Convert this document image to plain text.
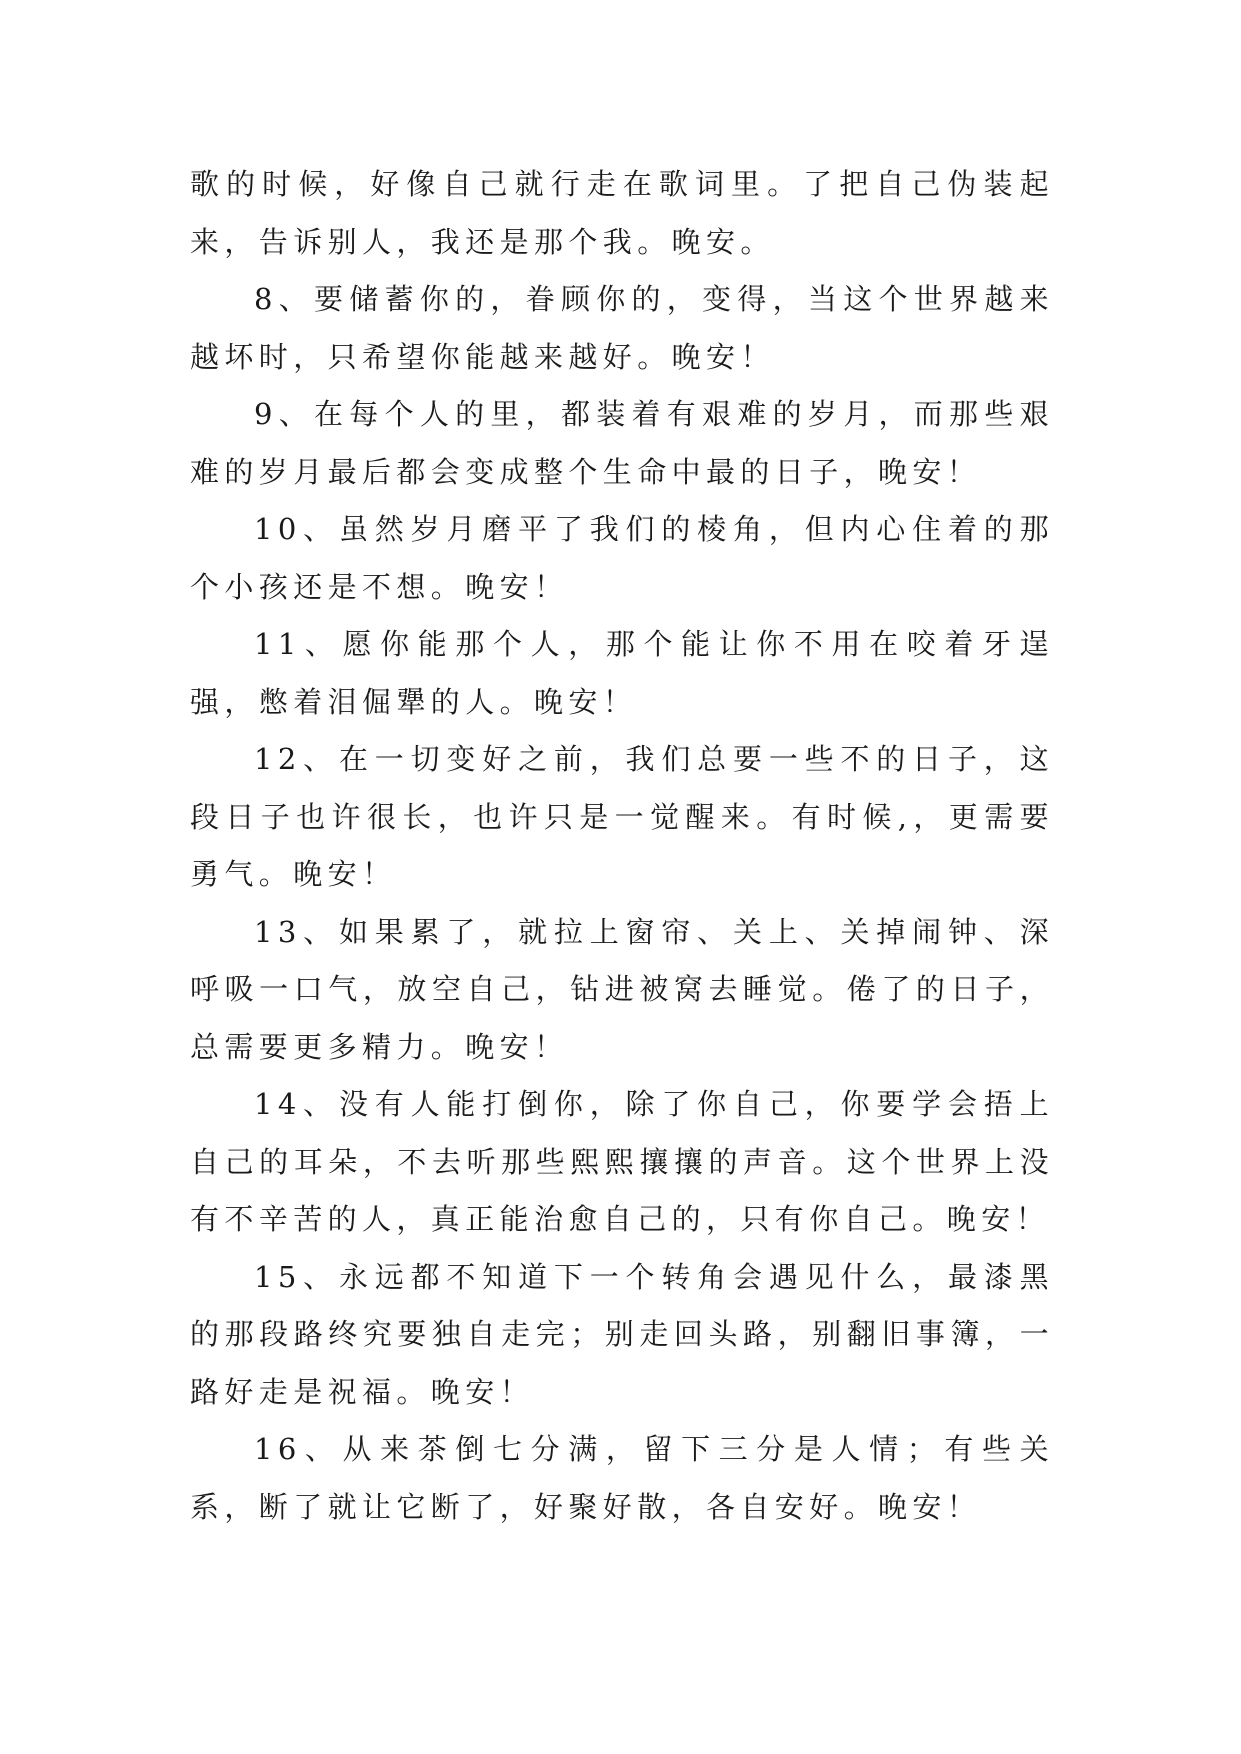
歌的时候，好像自己就行走在歌词里。了把自己伪装起来，告诉别人，我还是那个我。晚安。

8、要储蓄你的，眷顾你的，变得，当这个世界越来越坏时，只希望你能越来越好。晚安！

9、在每个人的里，都装着有艰难的岁月，而那些艰难的岁月最后都会变成整个生命中最的日子，晚安！

10、虽然岁月磨平了我们的棱角，但内心住着的那个小孩还是不想。晚安！

11、愿你能那个人，那个能让你不用在咬着牙逞强，憋着泪倔犟的人。晚安！

12、在一切变好之前，我们总要一些不的日子，这段日子也许很长，也许只是一觉醒来。有时候,，更需要勇气。晚安！

13、如果累了，就拉上窗帘、关上、关掉闹钟、深呼吸一口气，放空自己，钻进被窝去睡觉。倦了的日子，总需要更多精力。晚安！

14、没有人能打倒你，除了你自己，你要学会捂上自己的耳朵，不去听那些熙熙攘攘的声音。这个世界上没有不辛苦的人，真正能治愈自己的，只有你自己。晚安！

15、永远都不知道下一个转角会遇见什么，最漆黑的那段路终究要独自走完；别走回头路，别翻旧事簿，一路好走是祝福。晚安！

16、从来茶倒七分满，留下三分是人情；有些关系，断了就让它断了，好聚好散，各自安好。晚安！
